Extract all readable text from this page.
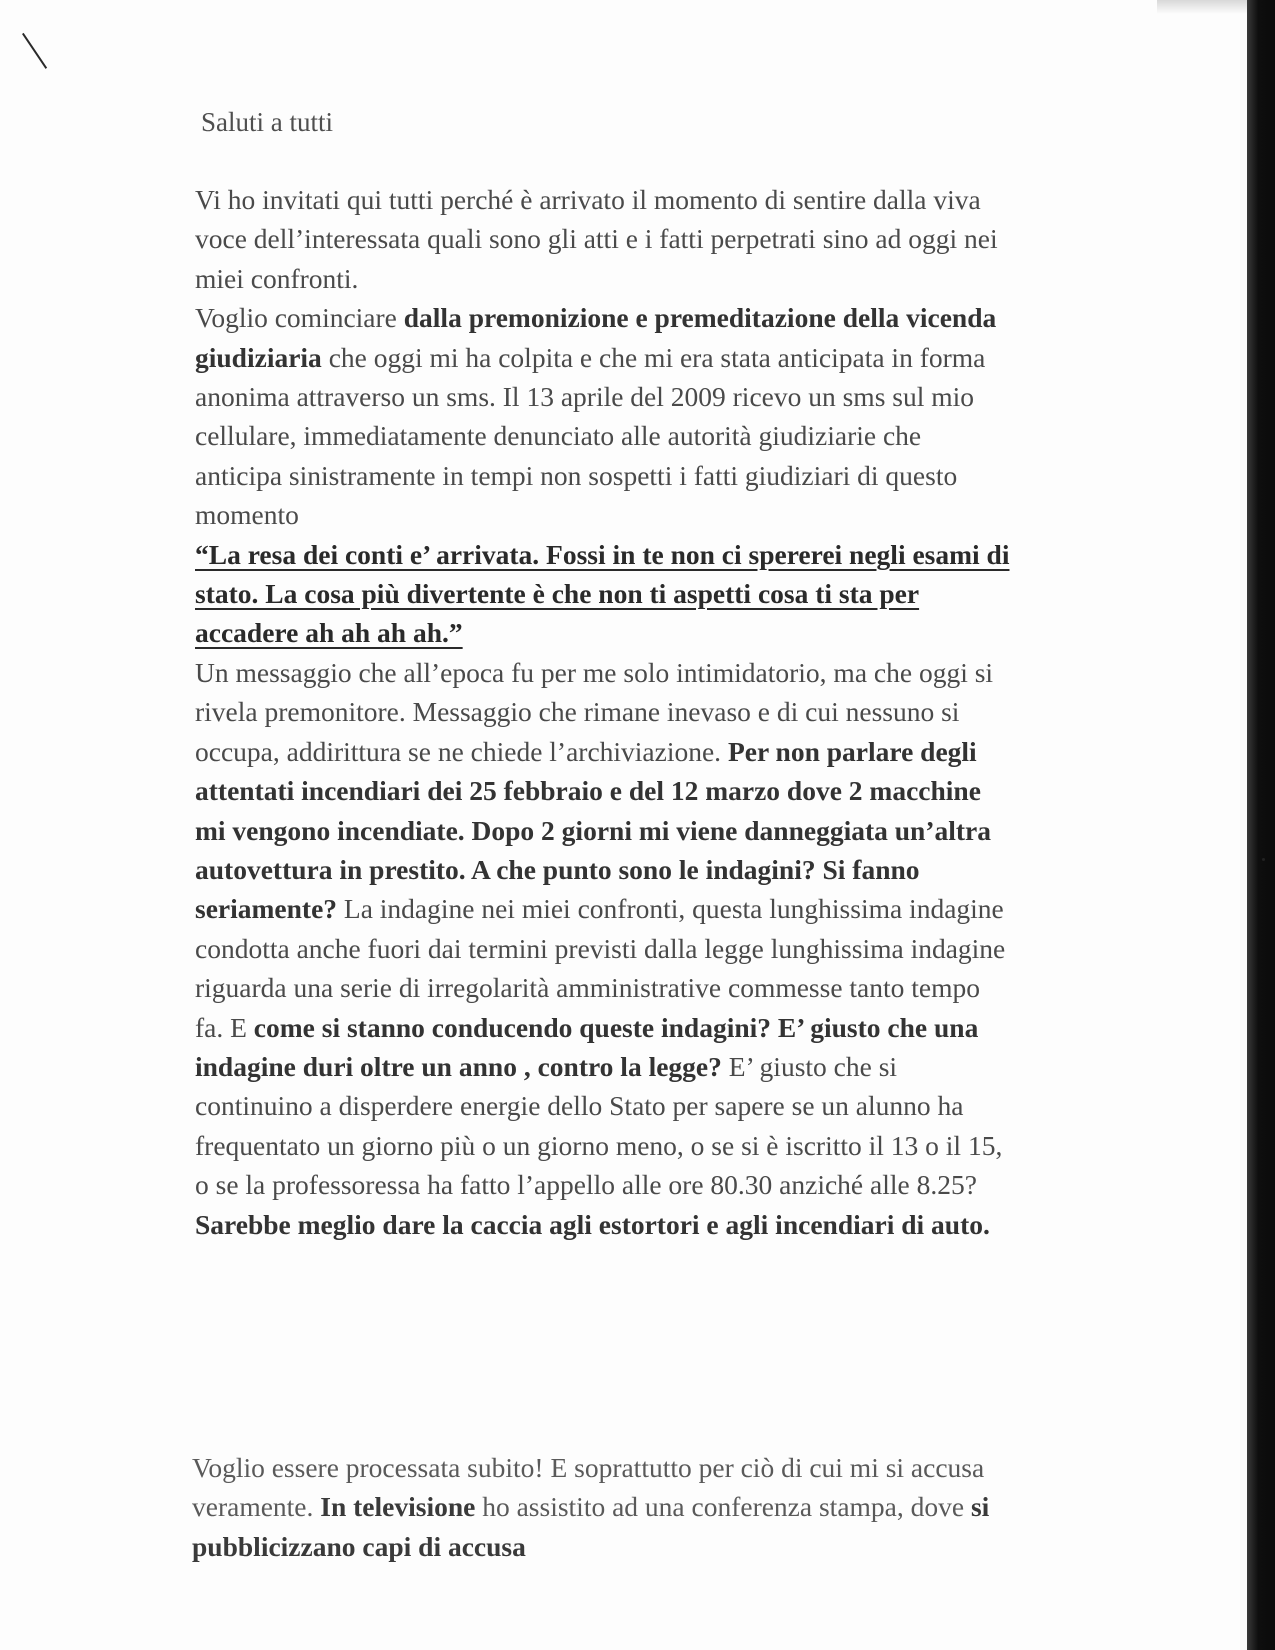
Saluti a tutti

Vi ho invitati qui tutti perché è arrivato il momento di sentire dalla viva voce dell’interessata quali sono gli atti e i fatti perpetrati sino ad oggi nei miei confronti.
Voglio cominciare dalla premonizione e premeditazione della vicenda giudiziaria che oggi mi ha colpita e che mi era stata anticipata in forma anonima attraverso un sms. Il 13 aprile del 2009 ricevo un sms sul mio cellulare, immediatamente denunciato alle autorità giudiziarie che anticipa sinistramente in tempi non sospetti i fatti giudiziari di questo momento
“La resa dei conti e’ arrivata. Fossi in te non ci spererei negli esami di stato. La cosa più divertente è che non ti aspetti cosa ti sta per accadere ah ah ah ah.”
Un messaggio che all’epoca fu per me solo intimidatorio, ma che oggi si rivela premonitore. Messaggio che rimane inevaso e di cui nessuno si occupa, addirittura se ne chiede l’archiviazione. Per non parlare degli attentati incendiari dei 25 febbraio e del 12 marzo dove 2 macchine mi vengono incendiate. Dopo 2 giorni mi viene danneggiata un’altra autovettura in prestito. A che punto sono le indagini? Si fanno seriamente? La indagine nei miei confronti, questa lunghissima indagine condotta anche fuori dai termini previsti dalla legge lunghissima indagine riguarda una serie di irregolarità amministrative commesse tanto tempo fa. E come si stanno conducendo queste indagini? E’ giusto che una indagine duri oltre un anno , contro la legge? E’ giusto che si continuino a disperdere energie dello Stato per sapere se un alunno ha frequentato un giorno più o un giorno meno, o se si è iscritto il 13 o il 15, o se la professoressa ha fatto l’appello alle ore 80.30 anziché alle 8.25? Sarebbe meglio dare la caccia agli estortori e agli incendiari di auto.

Voglio essere processata subito! E soprattutto per ciò di cui mi si accusa veramente. In televisione ho assistito ad una conferenza stampa, dove si pubblicizzano capi di accusa
